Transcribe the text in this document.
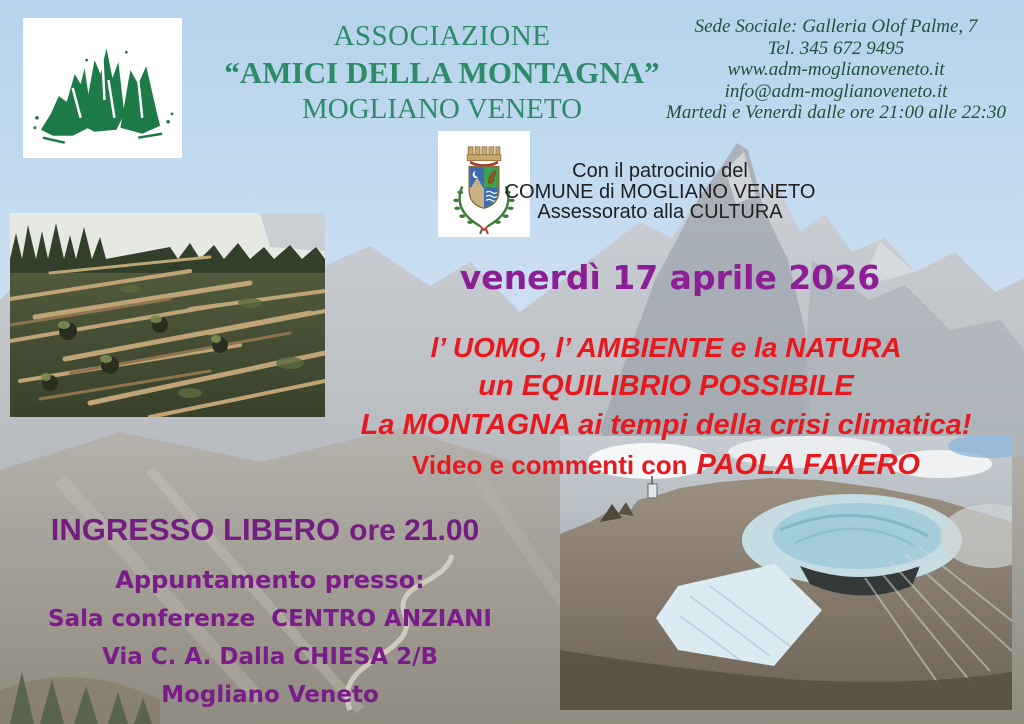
ASSOCIAZIONE
“AMICI DELLA MONTAGNA”
MOGLIANO VENETO
Sede Sociale: Galleria Olof Palme, 7
Tel. 345 672 9495
www.adm-moglianoveneto.it
info@adm-moglianoveneto.it
Martedì e Venerdì dalle ore 21:00 alle 22:30
Con il patrocinio del
COMUNE di MOGLIANO VENETO
Assessorato alla CULTURA
venerdì 17 aprile 2026
l’ UOMO, l’ AMBIENTE e la NATURA
un EQUILIBRIO POSSIBILE
La MONTAGNA ai tempi della crisi climatica!
Video e commenti con PAOLA FAVERO
INGRESSO LIBERO ore 21.00
Appuntamento presso:
Sala conferenze  CENTRO ANZIANI
Via C. A. Dalla CHIESA 2/B
Mogliano Veneto
